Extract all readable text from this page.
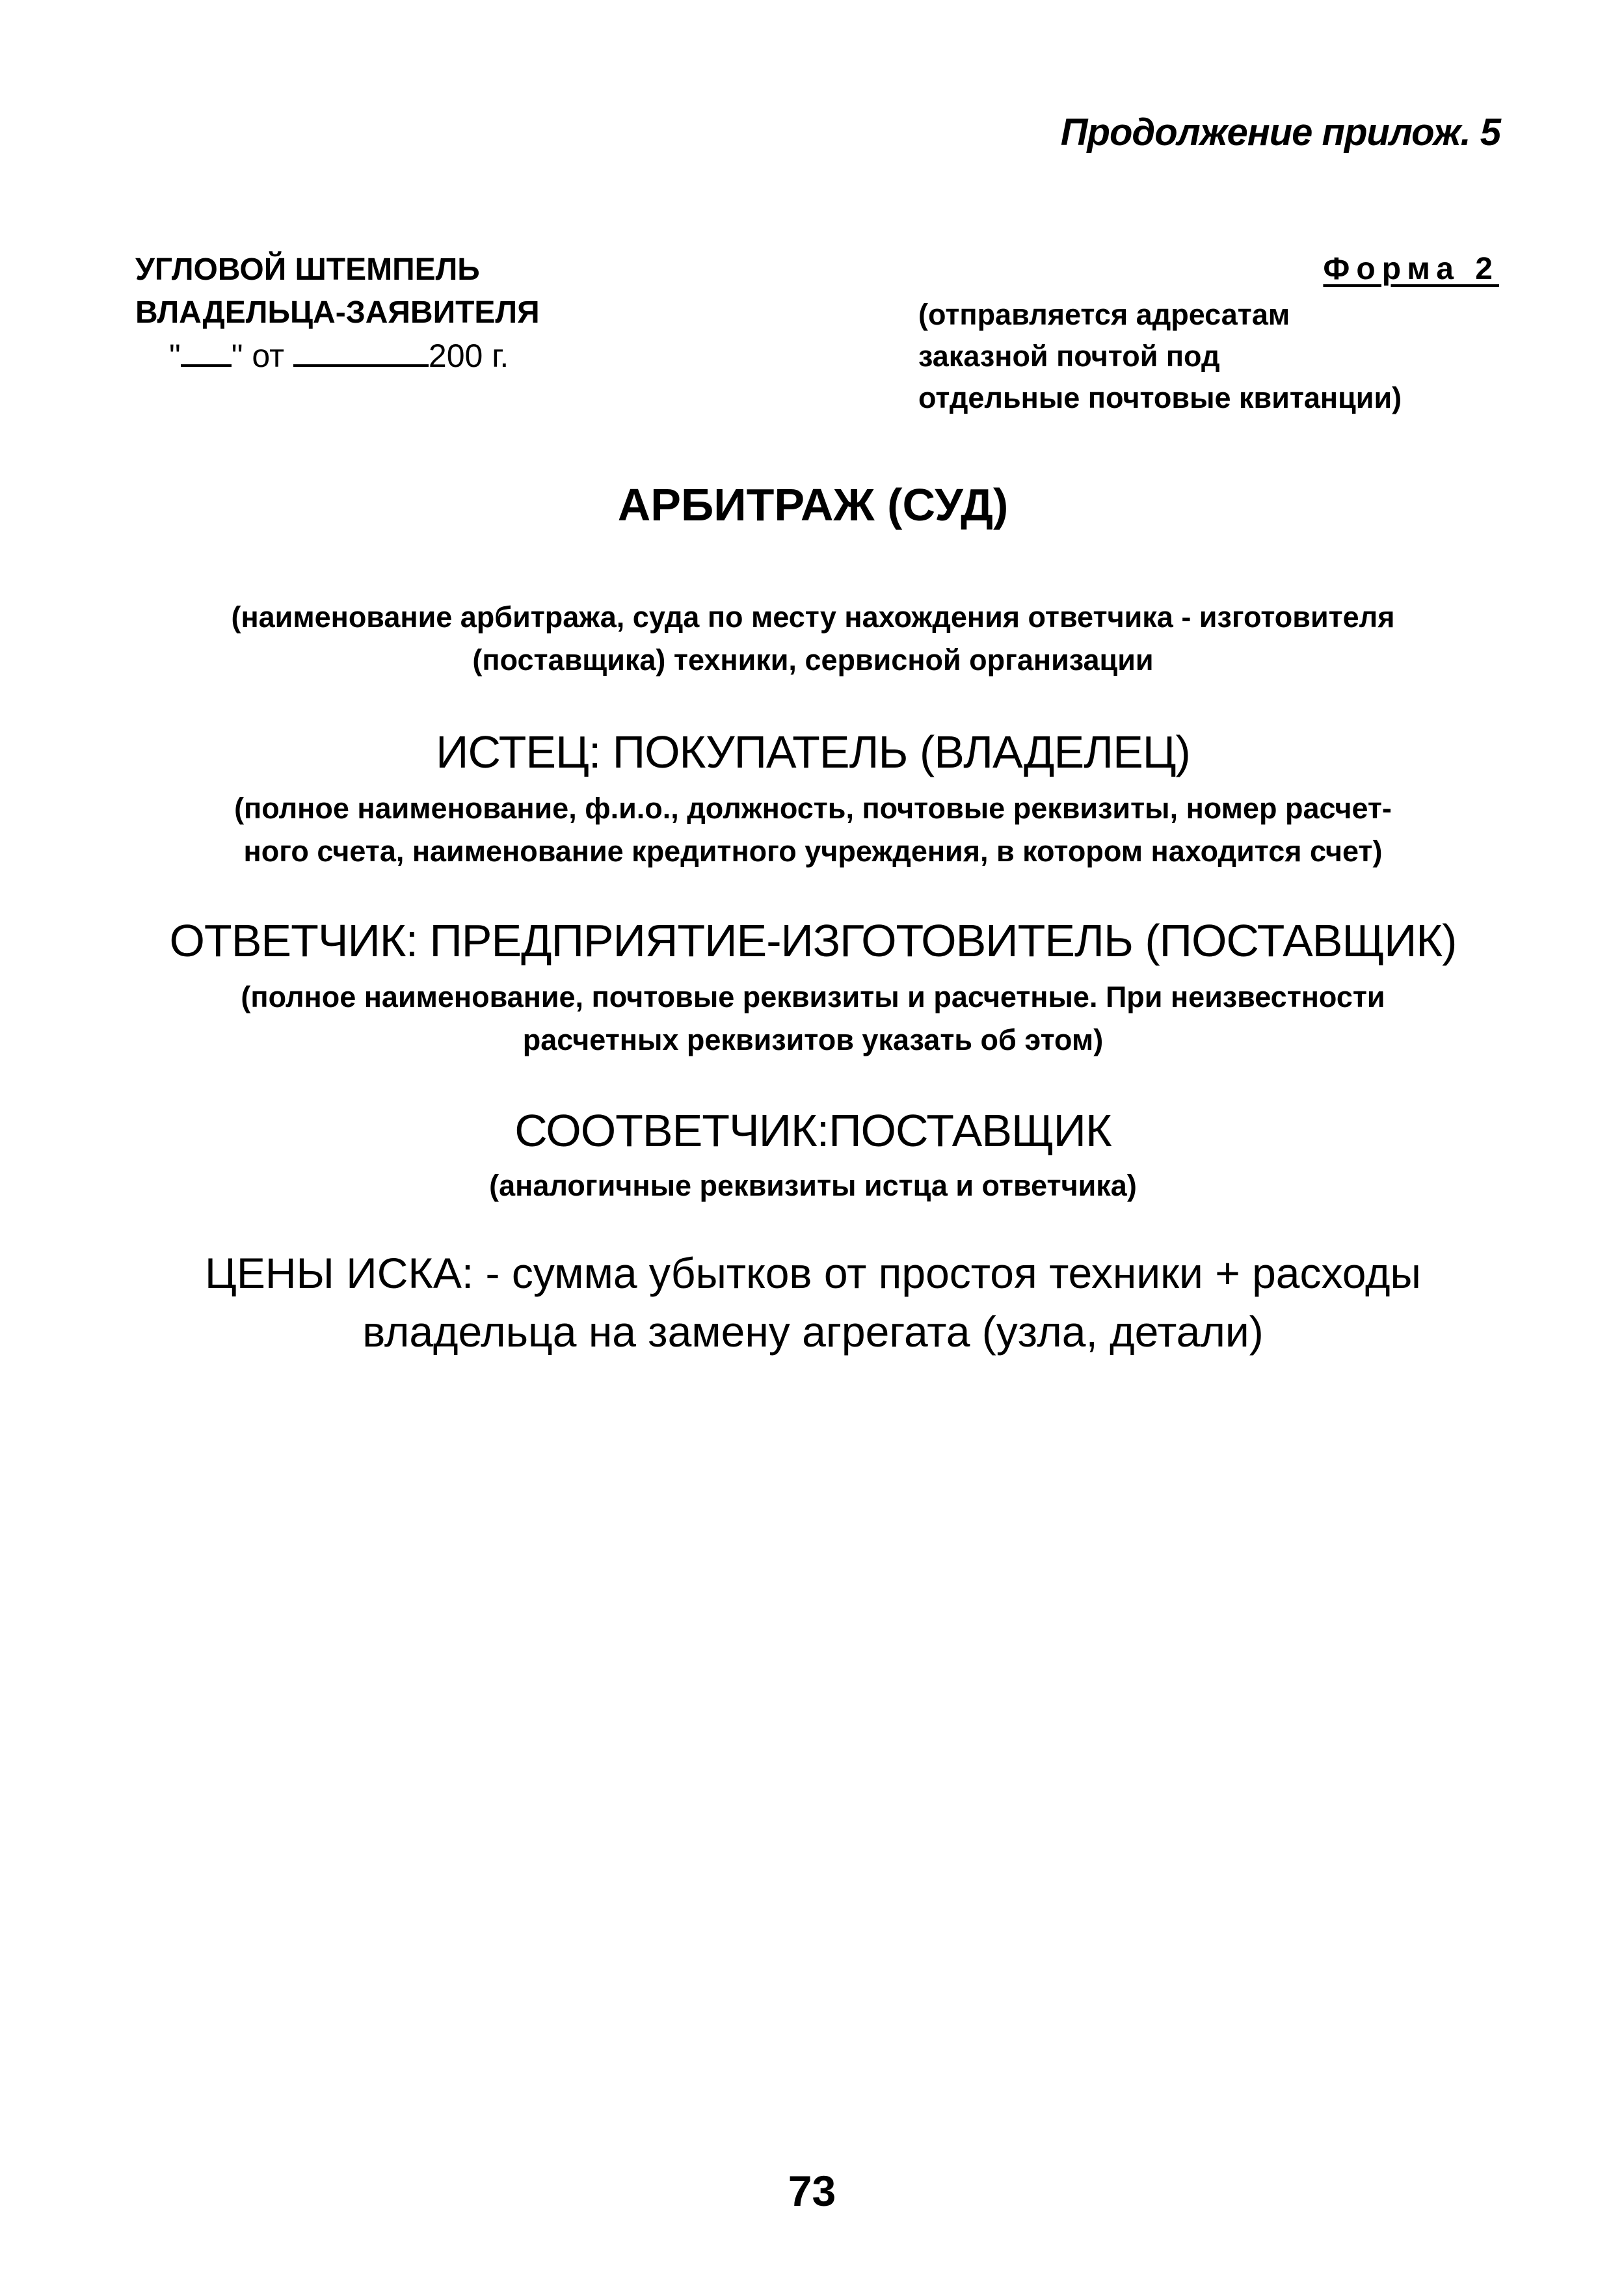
Продолжение прилож. 5
УГЛОВОЙ ШТЕМПЕЛЬ
ВЛАДЕЛЬЦА-ЗАЯВИТЕЛЯ
" " от	200 г.
Форма 2
(отправляется адресатам
заказной почтой под
отдельные почтовые квитанции)
АРБИТРАЖ (СУД)
(наименование арбитража, суда по месту нахождения ответчика - изготовителя
(поставщика) техники, сервисной организации
ИСТЕЦ: ПОКУПАТЕЛЬ (ВЛАДЕЛЕЦ)
(полное наименование, ф.и.о., должность, почтовые реквизиты, номер расчет-
ного счета, наименование кредитного учреждения, в котором находится счет)
ОТВЕТЧИК: ПРЕДПРИЯТИЕ-ИЗГОТОВИТЕЛЬ (ПОСТАВЩИК)
(полное наименование, почтовые реквизиты и расчетные. При неизвестности
расчетных реквизитов указать об этом)
СООТВЕТЧИК:ПОСТАВЩИК
(аналогичные реквизиты истца и ответчика)
ЦЕНЫ ИСКА: - сумма убытков от простоя техники + расходы
владельца на замену агрегата (узла, детали)
73
